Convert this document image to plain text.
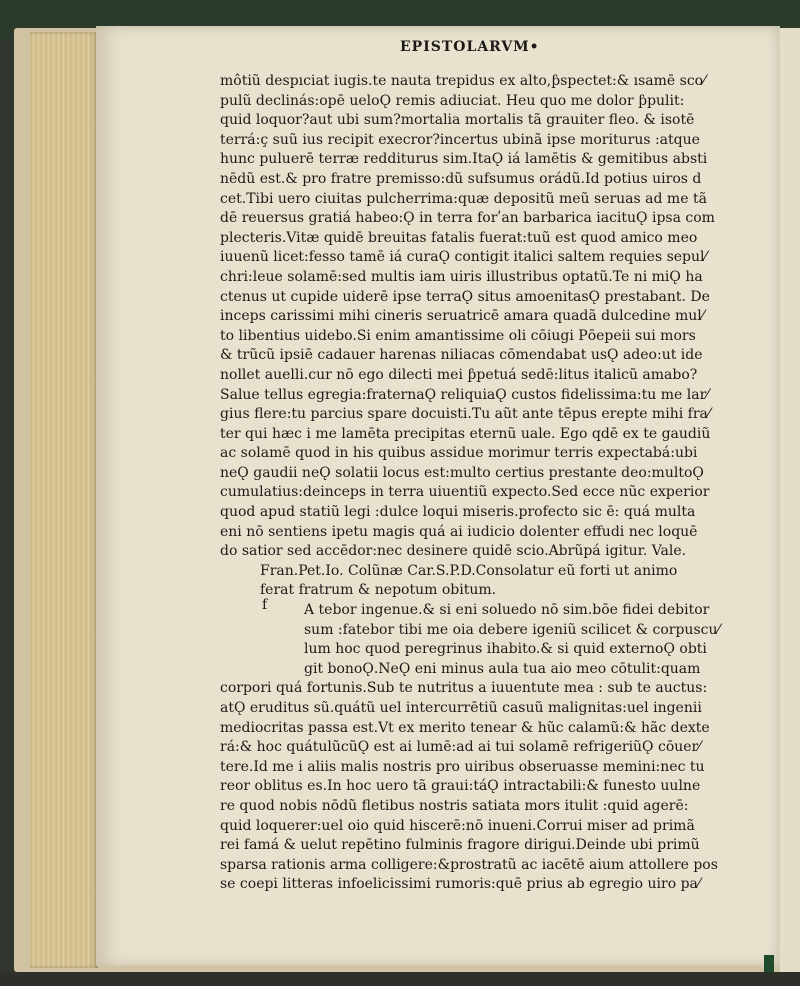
EPISTOLARVM•
môtiũ despıciat iugis.te nauta trepidus ex alto,ƥspectet:& ısamē sco⁄
pulũ declinás:opē ueloǪ remis adiuciat. Heu quo me dolor ƥpulit:
quid loquor?aut ubi sum?mortalia mortalis tã grauiter fleo. & isotē
terrá:ç suũ ius recipit execror?incertus ubinã ipse moriturus :atque
hunc puluerē terræ redditurus sim.ItaǪ iá lamētis & gemitibus absti
nēdũ est.& pro fratre premisso:dũ sufsumus orádũ.Id potius uiros d
cet.Tibi uero ciuitas pulcherrima:quæ depositũ meũ seruas ad me tã
dē reuersus gratiá habeo:Ǫ in terra forʹan barbarica iacituǪ ipsa com
plecteris.Vitæ quidē breuitas fatalis fuerat:tuũ est quod amico meo
iuuenũ licet:fesso tamē iá curaǪ contigit italici saltem requies sepul⁄
chri:leue solamē:sed multis iam uiris illustribus optatũ.Te ni miǪ ha
ctenus ut cupide uiderē ipse terraǪ situs amoenitasǪ prestabant. De
inceps carissimi mihi cineris seruatricē amara quadã dulcedine mul⁄
to libentius uidebo.Si enim amantissime oli cōiugi Pōepeii sui mors
& trũcũ ipsiē cadauer harenas niliacas cōmendabat usǪ adeo:ut ide
nollet auelli.cur nō ego dilecti mei ƥpetuá sedē:litus italicũ amabo?
Salue tellus egregia:fraternaǪ reliquiaǪ custos fidelissima:tu me lar⁄
gius flere:tu parcius spare docuisti.Tu aũt ante tēpus erepte mihi fra⁄
ter qui hæc i me lamēta precipitas eternũ uale. Ego qdē ex te gaudiũ
ac solamē quod in his quibus assidue morimur terris expectabá:ubi
neǪ gaudii neǪ solatii locus est:multo certius prestante deo:multoǪ
cumulatius:deinceps in terra uiuentiũ expecto.Sed ecce nũc experior
quod apud statiũ legi :dulce loqui miseris.profecto sic ē: quá multa
eni nō sentiens ipetu magis quá ai iudicio dolenter effudi nec loquē
do satior sed accēdor:nec desinere quidē scio.Abrũpá igitur. Vale.
Fran.Pet.Io. Colũnæ Car.S.P.D.Consolatur eũ forti ut animo
ferat fratrum & nepotum obitum.
A tebor ingenue.& si eni soluedo nō sim.bōe fidei debitor
sum :fatebor tibi me oia debere igeniũ scilicet & corpuscu⁄
lum hoc quod peregrinus ihabito.& si quid externoǪ obti
git bonoǪ.NeǪ eni minus aula tua aio meo cōtulit:quam
corpori quá fortunis.Sub te nutritus a iuuentute mea : sub te auctus:
atǪ eruditus sũ.quátũ uel intercurrētiũ casuũ malignitas:uel ingenii
mediocritas passa est.Vt ex merito tenear & hũc calamũ:& hãc dexte
rá:& hoc quátulũcũǪ est ai lumē:ad ai tui solamē refrigeriũǪ cōuer⁄
tere.Id me i aliis malis nostris pro uiribus obseruasse memini:nec tu
reor oblitus es.In hoc uero tã graui:táǪ intractabili:& funesto uulne
re quod nobis nōdũ fletibus nostris satiata mors itulit :quid agerē:
quid loquerer:uel oio quid hiscerē:nō inueni.Corrui miser ad primã
rei famá & uelut repētino fulminis fragore dirigui.Deinde ubi primũ
sparsa rationis arma colligere:&prostratũ ac iacētē aium attollere pos
se coepi litteras infoelicissimi rumoris:quē prius ab egregio uiro pa⁄
f
